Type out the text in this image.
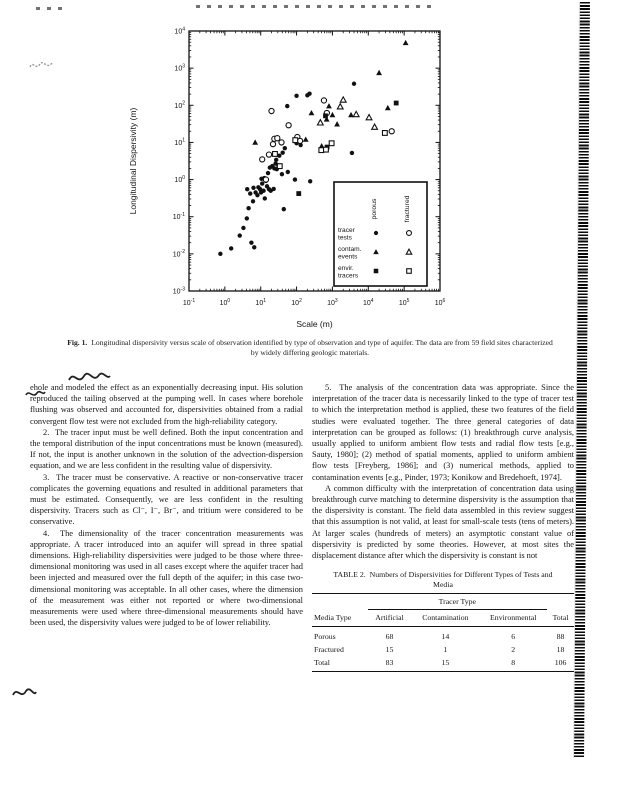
$10^{-1}$	$10^0$	$10^1$	$10^2$	$10^3$	$10^4$	$10^5$	$10^6$
$10^{-3}$
$10^{-2}$
$10^{-1}$
$10^0$
$10^1$
$10^2$
$10^3$
$10^4$
Scale (m)
Longitudinal Dispersivity (m)	porous	fractured
tracer
tests
contam.
events
envir.
tracers
Fig. 1. Longitudinal dispersivity versus scale of observation identified by type of observation and type of aquifer. The data are from 59 field sites characterized by widely differing geologic materials.

ehole and modeled the effect as an exponentially decreasing input. His solution reproduced the tailing observed at the pumping well. In cases where borehole flushing was observed and accounted for, dispersivities obtained from a radial convergent flow test were not excluded from the high-reliability category.

2.  The tracer input must be well defined. Both the input concentration and the temporal distribution of the input concentrations must be known (measured). If not, the input is another unknown in the solution of the advection-dispersion equation, and we are less confident in the resulting value of dispersivity.

3.  The tracer must be conservative. A reactive or non-conservative tracer complicates the governing equations and resulted in additional parameters that must be estimated. Consequently, we are less confident in the resulting dispersivity. Tracers such as Cl⁻, I⁻, Br⁻, and tritium were considered to be conservative.

4.  The dimensionality of the tracer concentration measurements was appropriate. A tracer introduced into an aquifer will spread in three spatial dimensions. High-reliability dispersivities were judged to be those where three-dimensional monitoring was used in all cases except where the aquifer tracer had been injected and measured over the full depth of the aquifer; in this case two-dimensional monitoring was acceptable. In all other cases, where the dimension of the measurement was either not reported or where two-dimensional measurements were used where three-dimensional measurements should have been used, the dispersivity values were judged to be of lower reliability.

5.  The analysis of the concentration data was appropriate. Since the interpretation of the tracer data is necessarily linked to the type of tracer test to which the interpretation method is applied, these two features of the field studies were evaluated together. The three general categories of data interpretation can be grouped as follows: (1) breakthrough curve analysis, usually applied to uniform ambient flow tests and radial flow tests [e.g., Sauty, 1980]; (2) method of spatial moments, applied to uniform ambient flow tests [Freyberg, 1986]; and (3) numerical methods, applied to contamination events [e.g., Pinder, 1973; Konikow and Bredehoeft, 1974].

A common difficulty with the interpretation of concentration data using breakthrough curve matching to determine dispersivity is the assumption that the dispersivity is constant. The field data assembled in this review suggest that this assumption is not valid, at least for small-scale tests (tens of meters). At larger scales (hundreds of meters) an asymptotic constant value of dispersivity is predicted by some theories. However, at most sites the displacement distance after which the dispersivity is constant is not

TABLE 2.  Numbers of Dispersivities for Different Types of Tests and Media
	Tracer Type			
Media Type	Artificial	Contamination	Environmental	Total
Porous	68	14	6	88
Fractured	15	1	2	18
Total	83	15	8	106
